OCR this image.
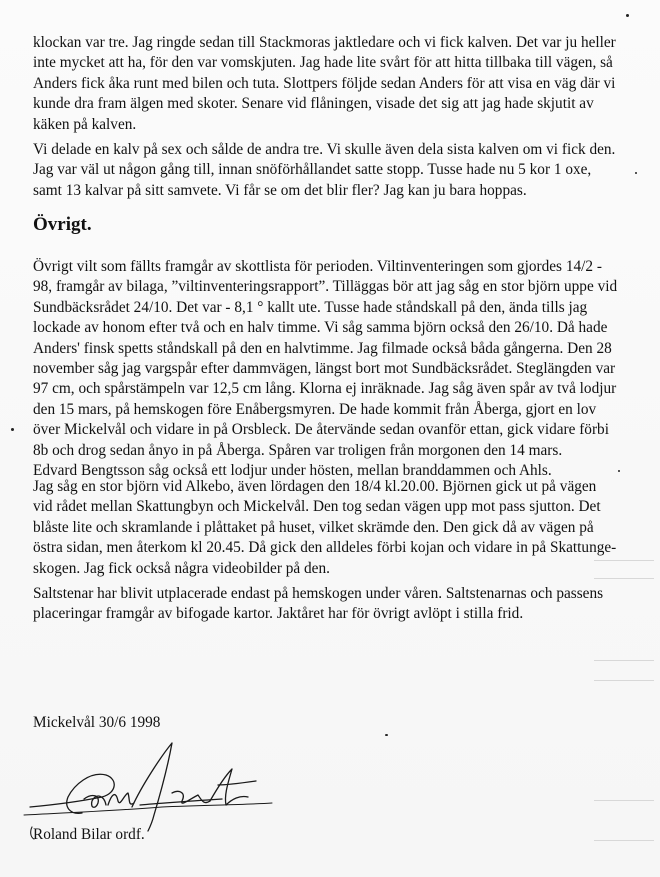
klockan var tre. Jag ringde sedan till Stackmoras jaktledare och vi fick kalven. Det var ju heller
inte mycket att ha, för den var vomskjuten. Jag hade lite svårt för att hitta tillbaka till vägen, så
Anders fick åka runt med bilen och tuta. Slottpers följde sedan Anders för att visa en väg där vi
kunde dra fram älgen med skoter. Senare vid flåningen, visade det sig att jag hade skjutit av
käken på kalven.
Vi delade en kalv på sex och sålde de andra tre. Vi skulle även dela sista kalven om vi fick den.
Jag var väl ut någon gång till, innan snöförhållandet satte stopp. Tusse hade nu 5 kor 1 oxe,
samt 13 kalvar på sitt samvete. Vi får se om det blir fler? Jag kan ju bara hoppas.
Övrigt.
Övrigt vilt som fällts framgår av skottlista för perioden. Viltinventeringen som gjordes 14/2 -
98, framgår av bilaga, ”viltinventeringsrapport”. Tilläggas bör att jag såg en stor björn uppe vid
Sundbäcksrådet 24/10. Det var - 8,1 ° kallt ute. Tusse hade ståndskall på den, ända tills jag
lockade av honom efter två och en halv timme. Vi såg samma björn också den 26/10. Då hade
Anders' finsk spetts ståndskall på den en halvtimme. Jag filmade också båda gångerna. Den 28
november såg jag vargspår efter dammvägen, längst bort mot Sundbäcksrådet. Steglängden var
97 cm, och spårstämpeln var 12,5 cm lång. Klorna ej inräknade. Jag såg även spår av två lodjur
den 15 mars, på hemskogen före Enåbergsmyren. De hade kommit från Åberga, gjort en lov
över Mickelvål och vidare in på Orsbleck. De återvände sedan ovanför ettan, gick vidare förbi
8b och drog sedan ånyo in på Åberga. Spåren var troligen från morgonen den 14 mars.
Edvard Bengtsson såg också ett lodjur under hösten, mellan branddammen och Ahls.
Jag såg en stor björn vid Alkebo, även lördagen den 18/4 kl.20.00. Björnen gick ut på vägen
vid rådet mellan Skattungbyn och Mickelvål. Den tog sedan vägen upp mot pass sjutton. Det
blåste lite och skramlande i plåttaket på huset, vilket skrämde den. Den gick då av vägen på
östra sidan, men återkom kl 20.45. Då gick den alldeles förbi kojan och vidare in på Skattunge-
skogen. Jag fick också några videobilder på den.
Saltstenar har blivit utplacerade endast på hemskogen under våren. Saltstenarnas och passens
placeringar framgår av bifogade kartor. Jaktåret har för övrigt avlöpt i stilla frid.
Mickelvål 30/6 1998
Roland Bilar ordf.
